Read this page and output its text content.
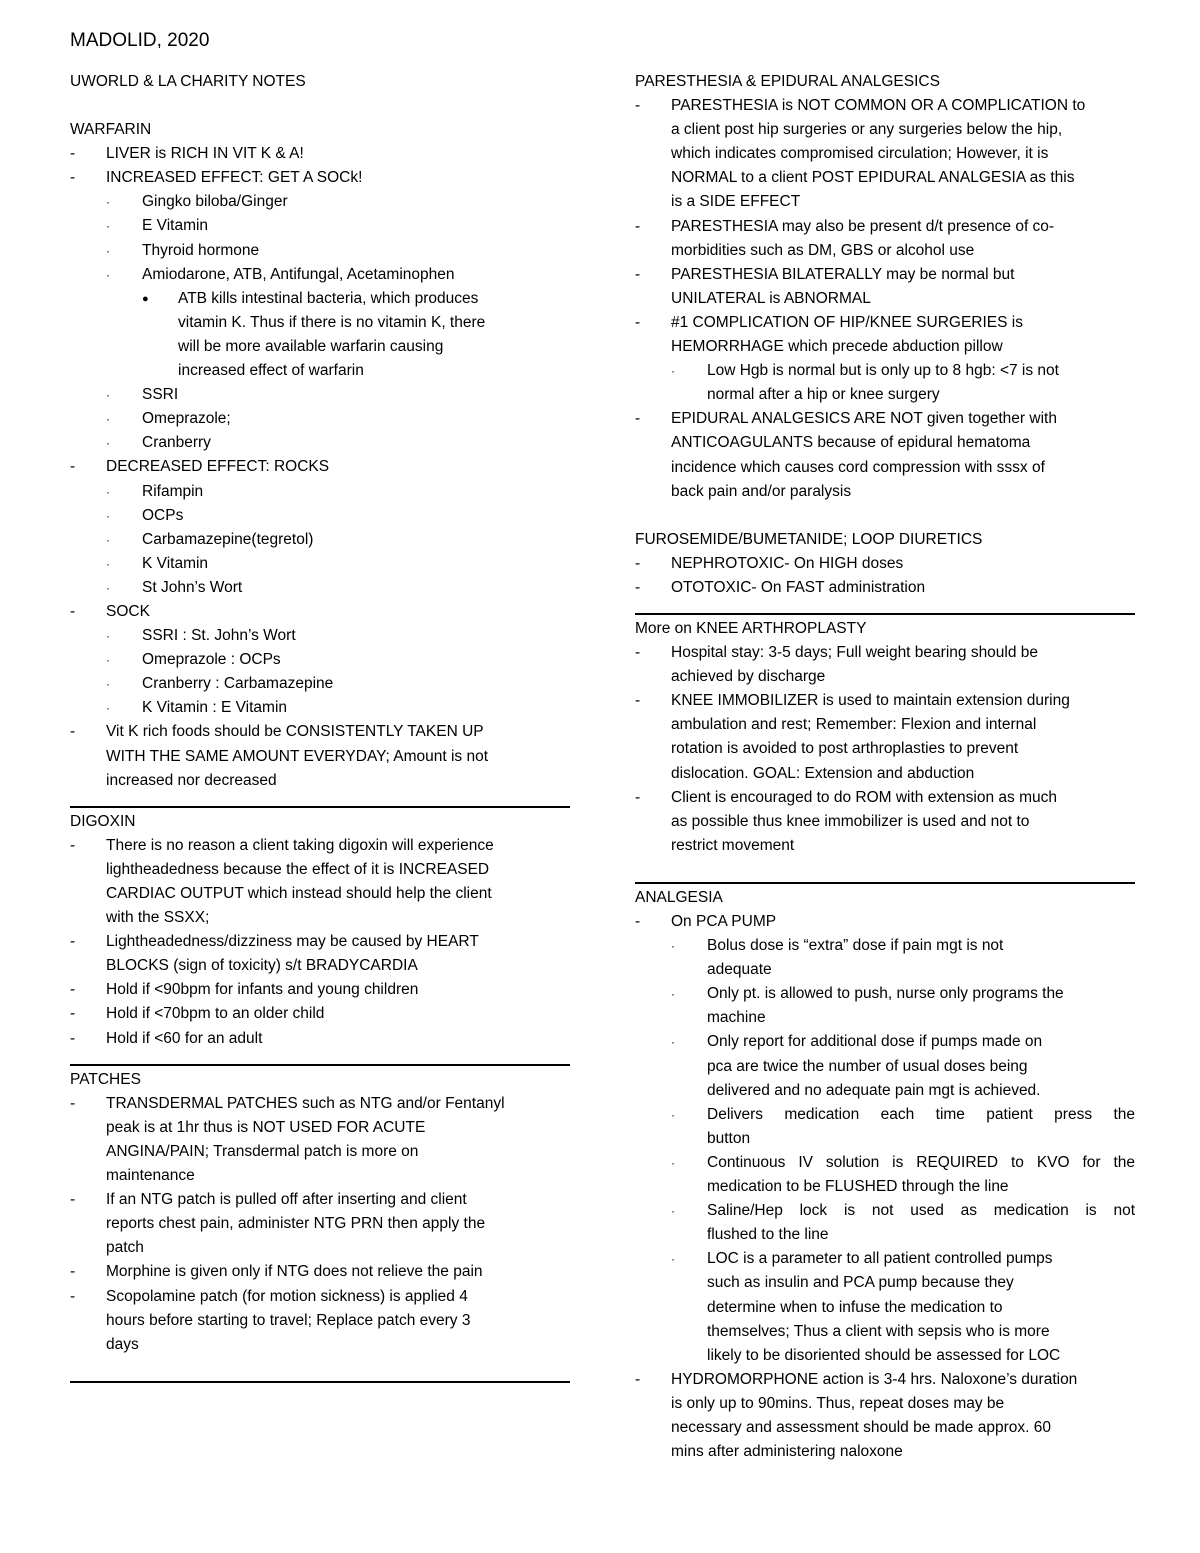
MADOLID, 2020
UWORLD & LA CHARITY NOTES
WARFARIN
-	LIVER is RICH IN VIT K & A!
-	INCREASED EFFECT: GET A SOCk!
·	Gingko biloba/Ginger
·	E Vitamin
·	Thyroid hormone
·	Amiodarone, ATB, Antifungal, Acetaminophen
●	ATB kills intestinal bacteria, which produces
vitamin K. Thus if there is no vitamin K, there
will be more available warfarin causing
increased effect of warfarin
·	SSRI
·	Omeprazole;
·	Cranberry
-	DECREASED EFFECT: ROCKS
·	Rifampin
·	OCPs
·	Carbamazepine(tegretol)
·	K Vitamin
·	St John’s Wort
-	SOCK
·	SSRI : St. John’s Wort
·	Omeprazole : OCPs
·	Cranberry : Carbamazepine
·	K Vitamin : E Vitamin
-	Vit K rich foods should be CONSISTENTLY TAKEN UP
WITH THE SAME AMOUNT EVERYDAY; Amount is not
increased nor decreased
DIGOXIN
-	There is no reason a client taking digoxin will experience
lightheadedness because the effect of it is INCREASED
CARDIAC OUTPUT which instead should help the client
with the SSXX;
-	Lightheadedness/dizziness may be caused by HEART
BLOCKS (sign of toxicity) s/t BRADYCARDIA
-	Hold if <90bpm for infants and young children
-	Hold if <70bpm to an older child
-	Hold if <60 for an adult
PATCHES
-	TRANSDERMAL PATCHES such as NTG and/or Fentanyl
peak is at 1hr thus is NOT USED FOR ACUTE
ANGINA/PAIN; Transdermal patch is more on
maintenance
-	If an NTG patch is pulled off after inserting and client
reports chest pain, administer NTG PRN then apply the
patch
-	Morphine is given only if NTG does not relieve the pain
-	Scopolamine patch (for motion sickness) is applied 4
hours before starting to travel; Replace patch every 3
days
PARESTHESIA & EPIDURAL ANALGESICS
-	PARESTHESIA is NOT COMMON OR A COMPLICATION to
a client post hip surgeries or any surgeries below the hip,
which indicates compromised circulation; However, it is
NORMAL to a client POST EPIDURAL ANALGESIA as this
is a SIDE EFFECT
-	PARESTHESIA may also be present d/t presence of co-
morbidities such as DM, GBS or alcohol use
-	PARESTHESIA BILATERALLY may be normal but
UNILATERAL is ABNORMAL
-	#1 COMPLICATION OF HIP/KNEE SURGERIES is
HEMORRHAGE which precede abduction pillow
·	Low Hgb is normal but is only up to 8 hgb: <7 is not
normal after a hip or knee surgery
-	EPIDURAL ANALGESICS ARE NOT given together with
ANTICOAGULANTS because of epidural hematoma
incidence which causes cord compression with sssx of
back pain and/or paralysis
FUROSEMIDE/BUMETANIDE; LOOP DIURETICS
-	NEPHROTOXIC- On HIGH doses
-	OTOTOXIC- On FAST administration
More on KNEE ARTHROPLASTY
-	Hospital stay: 3-5 days; Full weight bearing should be
achieved by discharge
-	KNEE IMMOBILIZER is used to maintain extension during
ambulation and rest; Remember: Flexion and internal
rotation is avoided to post arthroplasties to prevent
dislocation. GOAL: Extension and abduction
-	Client is encouraged to do ROM with extension as much
as possible thus knee immobilizer is used and not to
restrict movement
ANALGESIA
-	On PCA PUMP
·	Bolus dose is “extra” dose if pain mgt is not
adequate
·	Only pt. is allowed to push, nurse only programs the
machine
·	Only report for additional dose if pumps made on
pca are twice the number of usual doses being
delivered and no adequate pain mgt is achieved.
·	Delivers medication each time patient press the
button
·	Continuous IV solution is REQUIRED to KVO for the
medication to be FLUSHED through the line
·	Saline/Hep lock is not used as medication is not
flushed to the line
·	LOC is a parameter to all patient controlled pumps
such as insulin and PCA pump because they
determine when to infuse the medication to
themselves; Thus a client with sepsis who is more
likely to be disoriented should be assessed for LOC
-	HYDROMORPHONE action is 3-4 hrs. Naloxone’s duration
is only up to 90mins. Thus, repeat doses may be
necessary and assessment should be made approx. 60
mins after administering naloxone
